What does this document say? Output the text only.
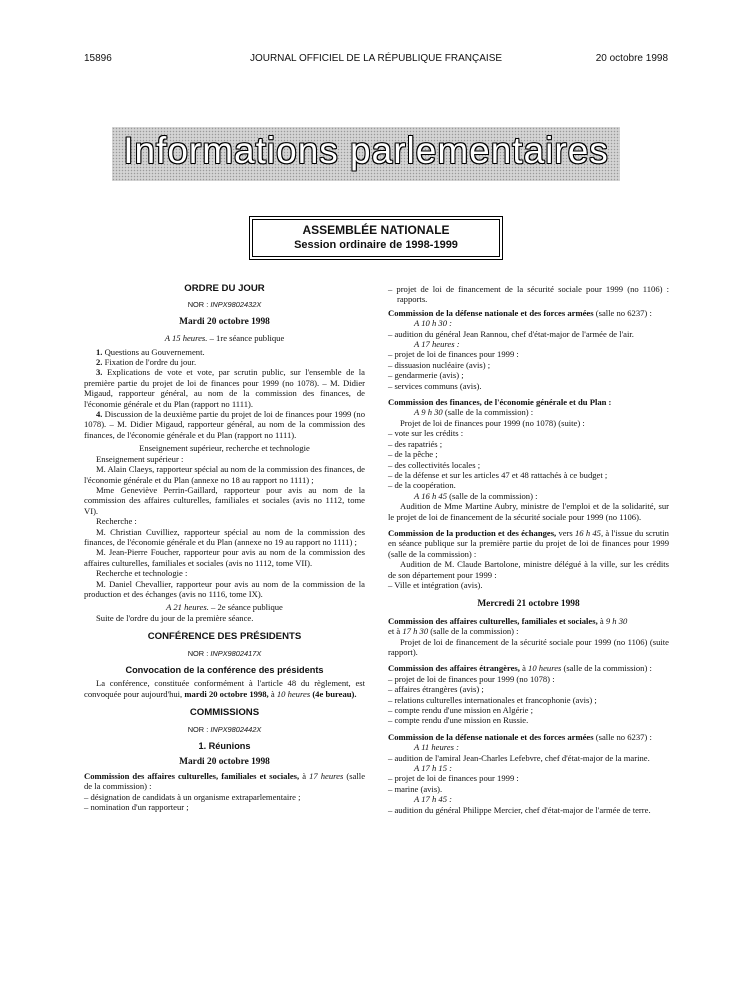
15896	JOURNAL OFFICIEL DE LA RÉPUBLIQUE FRANÇAISE	20 octobre 1998
Informations parlementaires
ASSEMBLÉE NATIONALE
Session ordinaire de 1998-1999

ORDRE DU JOUR

NOR : INPX9802432X

Mardi 20 octobre 1998

A 15 heures. – 1re séance publique

1. Questions au Gouvernement.

2. Fixation de l'ordre du jour.

3. Explications de vote et vote, par scrutin public, sur l'ensemble de la première partie du projet de loi de finances pour 1999 (no 1078). – M. Didier Migaud, rapporteur général, au nom de la commission des finances, de l'économie générale et du Plan (rapport no 1111).

4. Discussion de la deuxième partie du projet de loi de finances pour 1999 (no 1078). – M. Didier Migaud, rapporteur général, au nom de la commission des finances, de l'économie générale et du Plan (rapport no 1111).

Enseignement supérieur, recherche et technologie

Enseignement supérieur :

M. Alain Claeys, rapporteur spécial au nom de la commission des finances, de l'économie générale et du Plan (annexe no 18 au rapport no 1111) ;

Mme Geneviève Perrin-Gaillard, rapporteur pour avis au nom de la commission des affaires culturelles, familiales et sociales (avis no 1112, tome VI).

Recherche :

M. Christian Cuvilliez, rapporteur spécial au nom de la commission des finances, de l'économie générale et du Plan (annexe no 19 au rapport no 1111) ;

M. Jean-Pierre Foucher, rapporteur pour avis au nom de la commission des affaires culturelles, familiales et sociales (avis no 1112, tome VII).

Recherche et technologie :

M. Daniel Chevallier, rapporteur pour avis au nom de la commission de la production et des échanges (avis no 1116, tome IX).

A 21 heures. – 2e séance publique

Suite de l'ordre du jour de la première séance.

CONFÉRENCE DES PRÉSIDENTS

NOR : INPX9802417X

Convocation de la conférence des présidents

La conférence, constituée conformément à l'article 48 du règlement, est convoquée pour aujourd'hui, mardi 20 octobre 1998, à 10 heures (4e bureau).

COMMISSIONS

NOR : INPX9802442X

1. Réunions

Mardi 20 octobre 1998

Commission des affaires culturelles, familiales et sociales, à 17 heures (salle de la commission) :

– désignation de candidats à un organisme extraparlementaire ;

– nomination d'un rapporteur ;

– projet de loi de financement de la sécurité sociale pour 1999 (no 1106) : rapports.

Commission de la défense nationale et des forces armées (salle no 6237) :

A 10 h 30 :

– audition du général Jean Rannou, chef d'état-major de l'armée de l'air.

A 17 heures :

– projet de loi de finances pour 1999 :

– dissuasion nucléaire (avis) ;

– gendarmerie (avis) ;

– services communs (avis).

Commission des finances, de l'économie générale et du Plan :

A 9 h 30 (salle de la commission) :

Projet de loi de finances pour 1999 (no 1078) (suite) :

– vote sur les crédits :

– des rapatriés ;

– de la pêche ;

– des collectivités locales ;

– de la défense et sur les articles 47 et 48 rattachés à ce budget ;

– de la coopération.

A 16 h 45 (salle de la commission) :

Audition de Mme Martine Aubry, ministre de l'emploi et de la solidarité, sur le projet de loi de financement de la sécurité sociale pour 1999 (no 1106).

Commission de la production et des échanges, vers 16 h 45, à l'issue du scrutin en séance publique sur la première partie du projet de loi de finances pour 1999 (salle de la commission) :

Audition de M. Claude Bartolone, ministre délégué à la ville, sur les crédits de son département pour 1999 :

– Ville et intégration (avis).

Mercredi 21 octobre 1998

Commission des affaires culturelles, familiales et sociales, à 9 h 30
et à 17 h 30 (salle de la commission) :

Projet de loi de financement de la sécurité sociale pour 1999 (no 1106) (suite rapport).

Commission des affaires étrangères, à 10 heures (salle de la commission) :

– projet de loi de finances pour 1999 (no 1078) :

– affaires étrangères (avis) ;

– relations culturelles internationales et francophonie (avis) ;

– compte rendu d'une mission en Algérie ;

– compte rendu d'une mission en Russie.

Commission de la défense nationale et des forces armées (salle no 6237) :

A 11 heures :

– audition de l'amiral Jean-Charles Lefebvre, chef d'état-major de la marine.

A 17 h 15 :

– projet de loi de finances pour 1999 :

– marine (avis).

A 17 h 45 :

– audition du général Philippe Mercier, chef d'état-major de l'armée de terre.
